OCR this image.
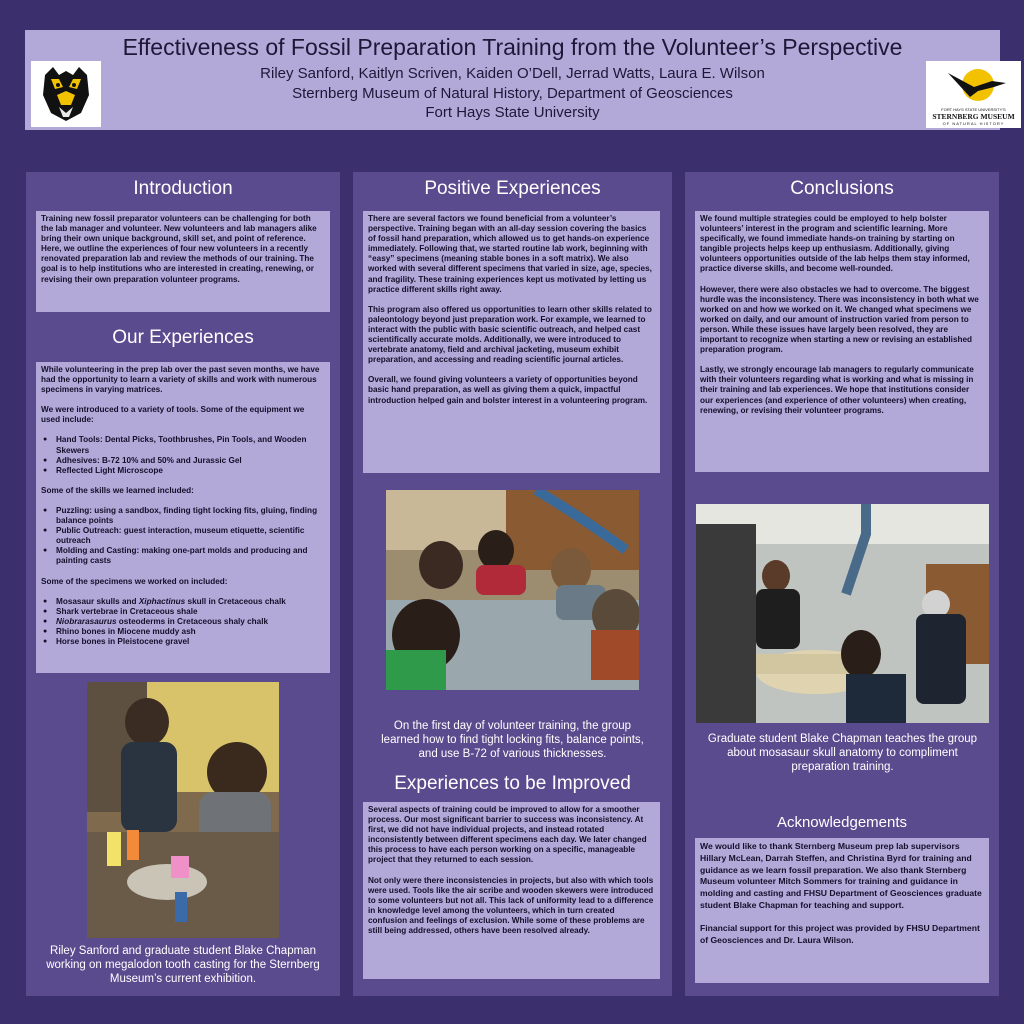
Effectiveness of Fossil Preparation Training from the Volunteer’s Perspective
Riley Sanford, Kaitlyn Scriven, Kaiden O’Dell, Jerrad Watts, Laura E. Wilson
Sternberg Museum of Natural History, Department of Geosciences
Fort Hays State University	FORT HAYS STATE UNIVERSITY'S
STERNBERG MUSEUM
OF NATURAL HISTORY
Introduction

Training new fossil preparator volunteers can be challenging for both the lab manager and volunteer. New volunteers and lab managers alike bring their own unique background, skill set, and point of reference. Here, we outline the experiences of four new volunteers in a recently renovated preparation lab and review the methods of our training. The goal is to help institutions who are interested in creating, renewing, or revising their own preparation volunteer programs.

Our Experiences

While volunteering in the prep lab over the past seven months, we have had the opportunity to learn a variety of skills and work with numerous specimens in varying matrices.

We were introduced to a variety of tools. Some of the equipment we used include:

● Hand Tools: Dental Picks, Toothbrushes, Pin Tools, and Wooden Skewers
● Adhesives: B-72 10% and 50% and Jurassic Gel
● Reflected Light Microscope

Some of the skills we learned included:

● Puzzling: using a sandbox, finding tight locking fits, gluing, finding balance points
● Public Outreach: guest interaction, museum etiquette, scientific outreach
● Molding and Casting: making one-part molds and producing and painting casts

Some of the specimens we worked on included:

● Mosasaur skulls and Xiphactinus skull in Cretaceous chalk
● Shark vertebrae in Cretaceous shale
● Niobrarasaurus osteoderms in Cretaceous shaly chalk
● Rhino bones in Miocene muddy ash
● Horse bones in Pleistocene gravel
Riley Sanford and graduate student Blake Chapman working on megalodon tooth casting for the Sternberg Museum’s current exhibition.
Positive Experiences

There are several factors we found beneficial from a volunteer’s perspective. Training began with an all-day session covering the basics of fossil hand preparation, which allowed us to get hands-on experience immediately. Following that, we started routine lab work, beginning with “easy” specimens (meaning stable bones in a soft matrix). We also worked with several different specimens that varied in size, age, species, and fragility. These training experiences kept us motivated by letting us practice different skills right away.

This program also offered us opportunities to learn other skills related to paleontology beyond just preparation work. For example, we learned to interact with the public with basic scientific outreach, and helped cast scientifically accurate molds. Additionally, we were introduced to vertebrate anatomy, field and archival jacketing, museum exhibit preparation, and accessing and reading scientific journal articles.

Overall, we found giving volunteers a variety of opportunities beyond basic hand preparation, as well as giving them a quick, impactful introduction helped gain and bolster interest in a volunteering program.

On the first day of volunteer training, the group learned how to find tight locking fits, balance points, and use B-72 of various thicknesses.
Experiences to be Improved

Several aspects of training could be improved to allow for a smoother process. Our most significant barrier to success was inconsistency. At first, we did not have individual projects, and instead rotated inconsistently between different specimens each day. We later changed this process to have each person working on a specific, manageable project that they returned to each session.

Not only were there inconsistencies in projects, but also with which tools were used. Tools like the air scribe and wooden skewers were introduced to some volunteers but not all. This lack of uniformity lead to a difference in knowledge level among the volunteers, which in turn created confusion and feelings of exclusion. While some of these problems are still being addressed, others have been resolved already.

Conclusions

We found multiple strategies could be employed to help bolster volunteers’ interest in the program and scientific learning. More specifically, we found immediate hands-on training by starting on tangible projects helps keep up enthusiasm. Additionally, giving volunteers opportunities outside of the lab helps them stay informed, practice diverse skills, and become well-rounded.

However, there were also obstacles we had to overcome. The biggest hurdle was the inconsistency. There was inconsistency in both what we worked on and how we worked on it. We changed what specimens we worked on daily, and our amount of instruction varied from person to person. While these issues have largely been resolved, they are important to recognize when starting a new or revising an established preparation program.

Lastly, we strongly encourage lab managers to regularly communicate with their volunteers regarding what is working and what is missing in their training and lab experiences. We hope that institutions consider our experiences (and experience of other volunteers) when creating, renewing, or revising their volunteer programs.

Graduate student Blake Chapman teaches the group about mosasaur skull anatomy to compliment preparation training.
Acknowledgements

We would like to thank Sternberg Museum prep lab supervisors Hillary McLean, Darrah Steffen, and Christina Byrd for training and guidance as we learn fossil preparation. We also thank Sternberg Museum volunteer Mitch Sommers for training and guidance in molding and casting and FHSU Department of Geosciences graduate student Blake Chapman for teaching and support.

Financial support for this project was provided by FHSU Department of Geosciences and Dr. Laura Wilson.
